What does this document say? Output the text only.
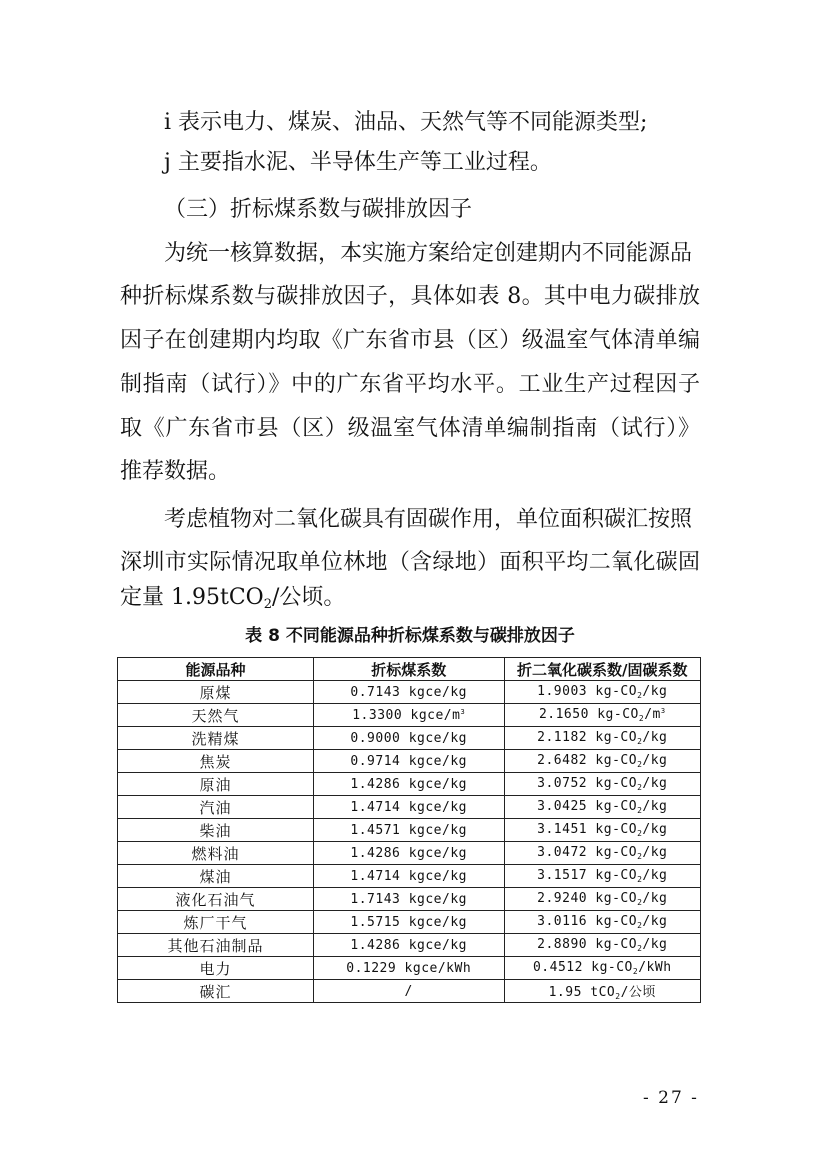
i 表示电力、煤炭、油品、天然气等不同能源类型;
j 主要指水泥、半导体生产等工业过程。
（三）折标煤系数与碳排放因子
为统一核算数据，本实施方案给定创建期内不同能源品
种折标煤系数与碳排放因子，具体如表 8。其中电力碳排放
因子在创建期内均取《广东省市县（区）级温室气体清单编
制指南（试行）》中的广东省平均水平。工业生产过程因子
取《广东省市县（区）级温室气体清单编制指南（试行）》
推荐数据。
考虑植物对二氧化碳具有固碳作用，单位面积碳汇按照
深圳市实际情况取单位林地（含绿地）面积平均二氧化碳固
定量 1.95tCO$_2$/公顷。
表 8 不同能源品种折标煤系数与碳排放因子
能源品种	折标煤系数	折二氧化碳系数/固碳系数
原煤	0.7143 kgce/kg	1.9003 $kg-CO_2/kg$
天然气	1.3300 kgce/$m^3$	2.1650 $kg-CO_2/m^3$
洗精煤	0.9000 kgce/kg	2.1182 $kg-CO_2/kg$
焦炭	0.9714 kgce/kg	2.6482 $kg-CO_2/kg$
原油	1.4286 kgce/kg	3.0752 $kg-CO_2/kg$
汽油	1.4714 kgce/kg	3.0425 $kg-CO_2/kg$
柴油	1.4571 kgce/kg	3.1451 $kg-CO_2/kg$
燃料油	1.4286 kgce/kg	3.0472 $kg-CO_2/kg$
煤油	1.4714 kgce/kg	3.1517 $kg-CO_2/kg$
液化石油气	1.7143 kgce/kg	2.9240 $kg-CO_2/kg$
炼厂干气	1.5715 kgce/kg	3.0116 $kg-CO_2/kg$
其他石油制品	1.4286 kgce/kg	2.8890 $kg-CO_2/kg$
电力	0.1229 kgce/kWh	0.4512 $kg-CO_2$/kWh
碳汇	/	1.95 tCO$_2$/公顷
- 27 -
